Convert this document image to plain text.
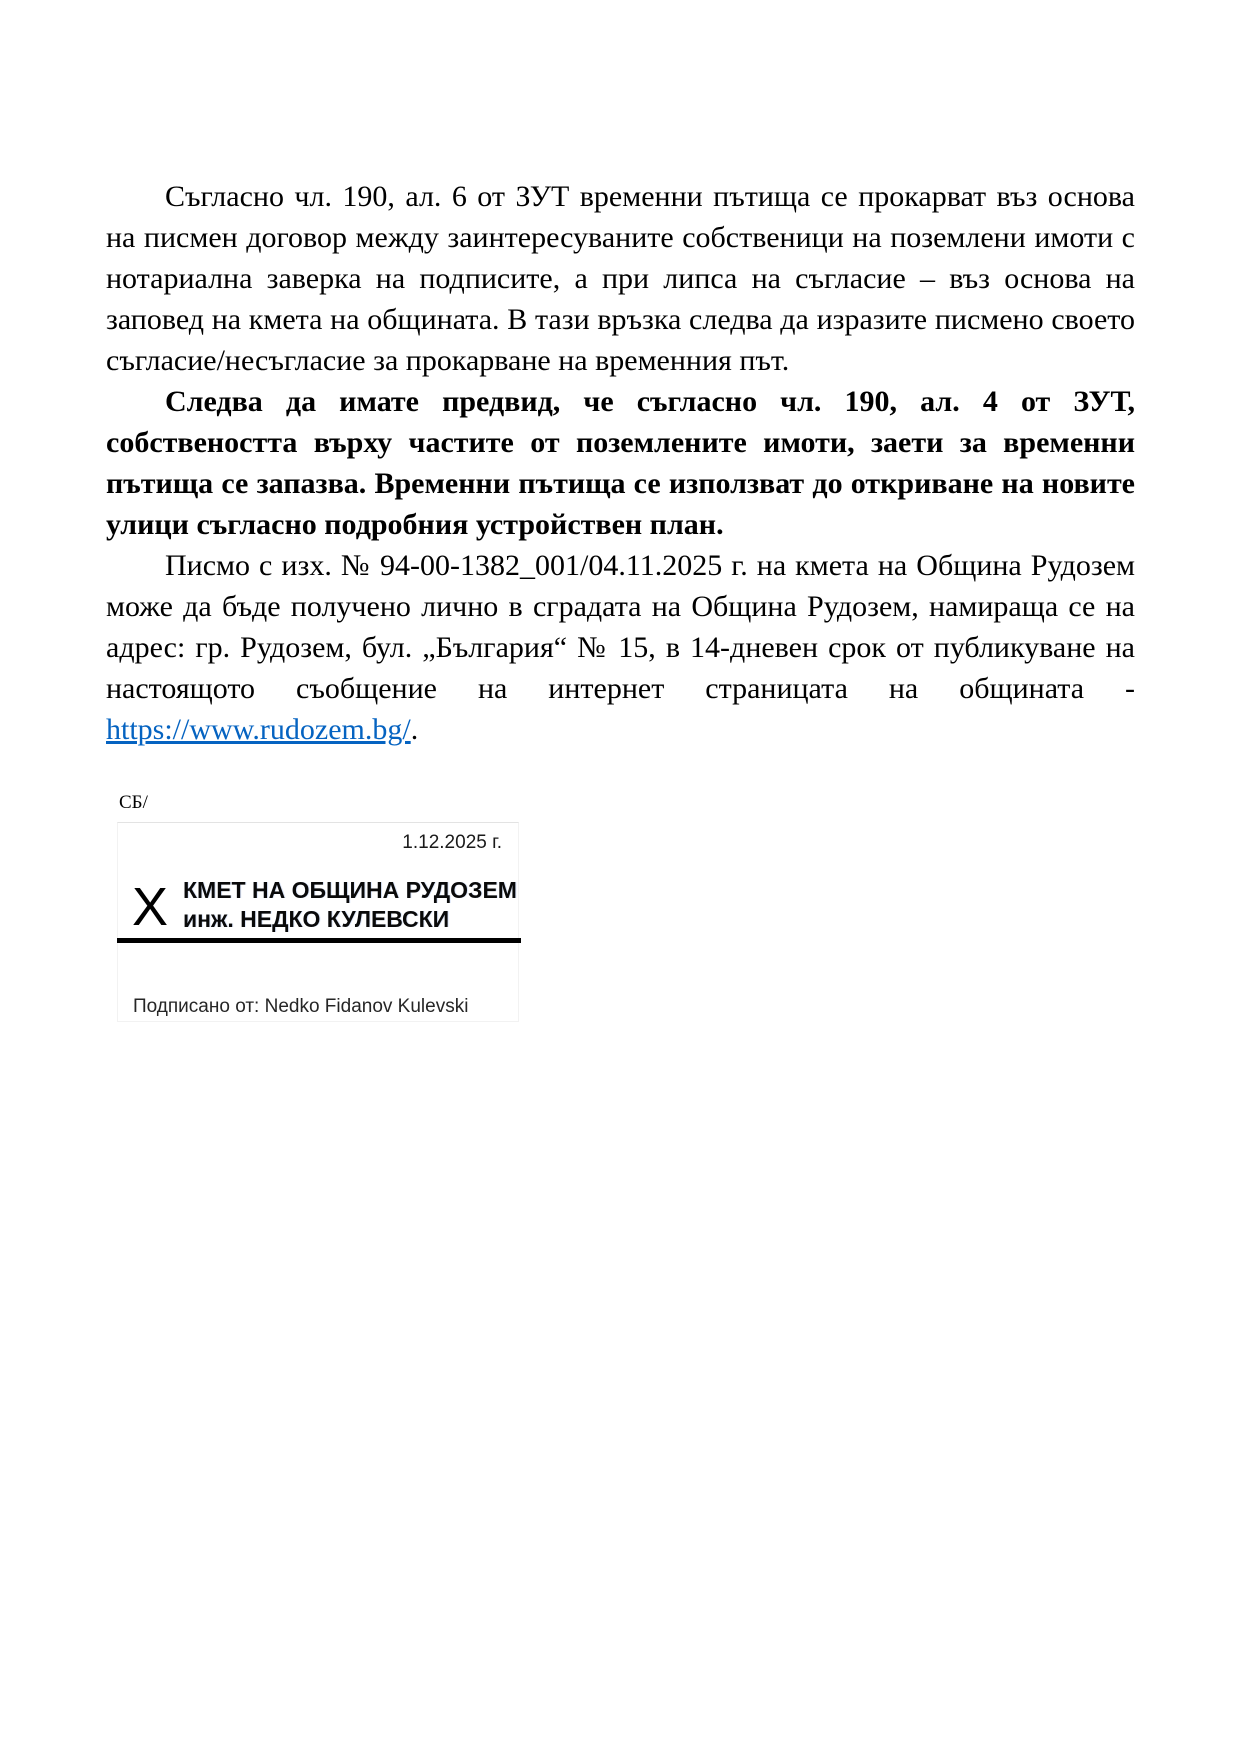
Съгласно чл. 190, ал. 6 от ЗУТ временни пътища се прокарват въз основа на писмен договор между заинтересуваните собственици на поземлени имоти с нотариална заверка на подписите, а при липса на съгласие – въз основа на заповед на кмета на общината. В тази връзка следва да изразите писмено своето съгласие/несъгласие за прокарване на временния път.

Следва да имате предвид, че съгласно чл. 190, ал. 4 от ЗУТ, собствеността върху частите от поземлените имоти, заети за временни пътища се запазва. Временни пътища се използват до откриване на новите улици съгласно подробния устройствен план.

Писмо с изх. № 94-00-1382_001/04.11.2025 г. на кмета на Община Рудозем може да бъде получено лично в сградата на Община Рудозем, намираща се на адрес: гр. Рудозем, бул. „България“ № 15, в 14-дневен срок от публикуване на настоящото съобщение на интернет страницата на общината - https://www.rudozem.bg/.

СБ/
1.12.2025 г.
X КМЕТ НА ОБЩИНА РУДОЗЕМ
инж. НЕДКО КУЛЕВСКИ
Подписано от: Nedko Fidanov Kulevski
